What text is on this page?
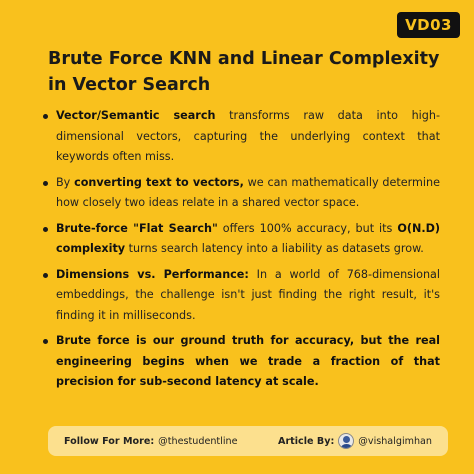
VD03
Brute Force KNN and Linear Complexity in Vector Search
Vector/Semantic search transforms raw data into high-dimensional vectors, capturing the underlying context that keywords often miss.
By converting text to vectors, we can mathematically determine how closely two ideas relate in a shared vector space.
Brute-force "Flat Search" offers 100% accuracy, but its O(N.D) complexity turns search latency into a liability as datasets grow.
Dimensions vs. Performance: In a world of 768-dimensional embeddings, the challenge isn't just finding the right result, it's finding it in milliseconds.
Brute force is our ground truth for accuracy, but the real engineering begins when we trade a fraction of that precision for sub-second latency at scale.
Follow For More: @thestudentline	Article By:	@vishalgimhan
